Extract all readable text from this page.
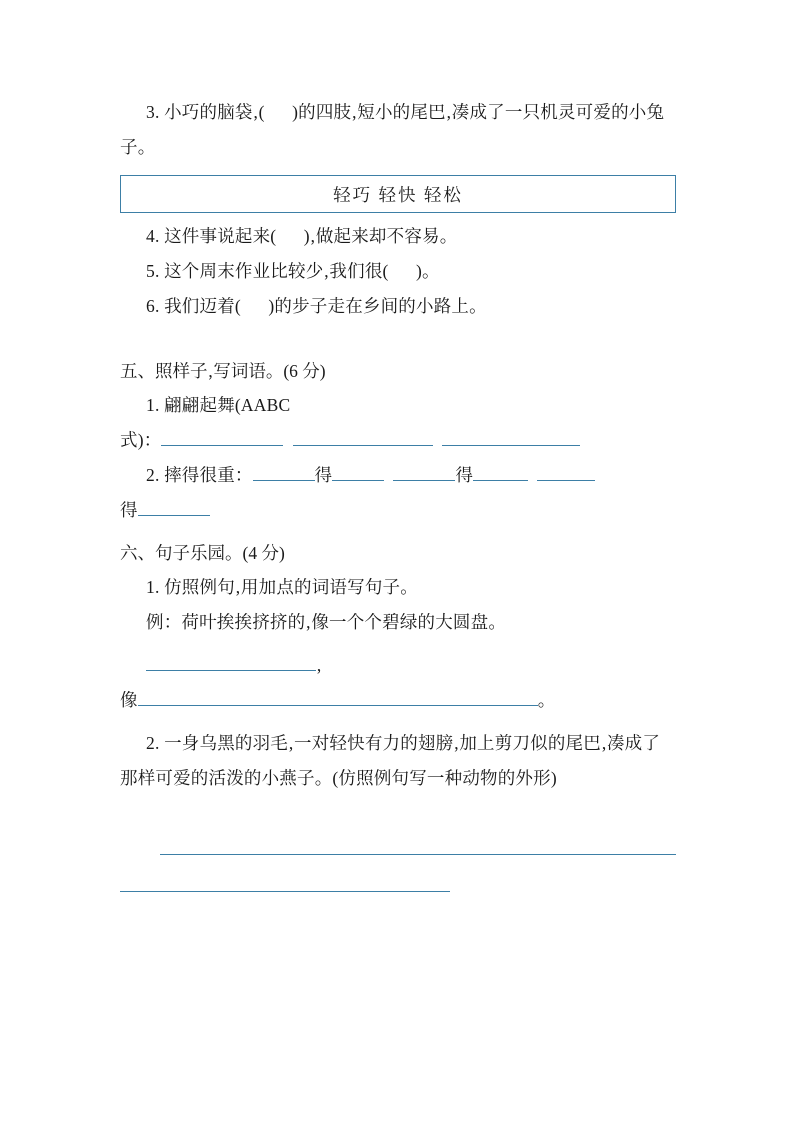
3. 小巧的脑袋‚(      )的四肢‚短小的尾巴‚凑成了一只机灵可爱的小兔子。
轻巧 轻快 轻松
4. 这件事说起来(      )‚做起来却不容易。
5. 这个周末作业比较少‚我们很(      )。
6. 我们迈着(      )的步子走在乡间的小路上。
五、照样子‚写词语。(6 分)
1. 翩翩起舞(AABC
式)：
2. 摔得很重：	得	得
得
六、句子乐园。(4 分)
1. 仿照例句‚用加点的词语写句子。
例：荷叶挨挨挤挤的‚像一个个碧绿的大圆盘。
‚
像	。
2. 一身乌黑的羽毛‚一对轻快有力的翅膀‚加上剪刀似的尾巴‚凑成了那样可爱的活泼的小燕子。(仿照例句写一种动物的外形)
